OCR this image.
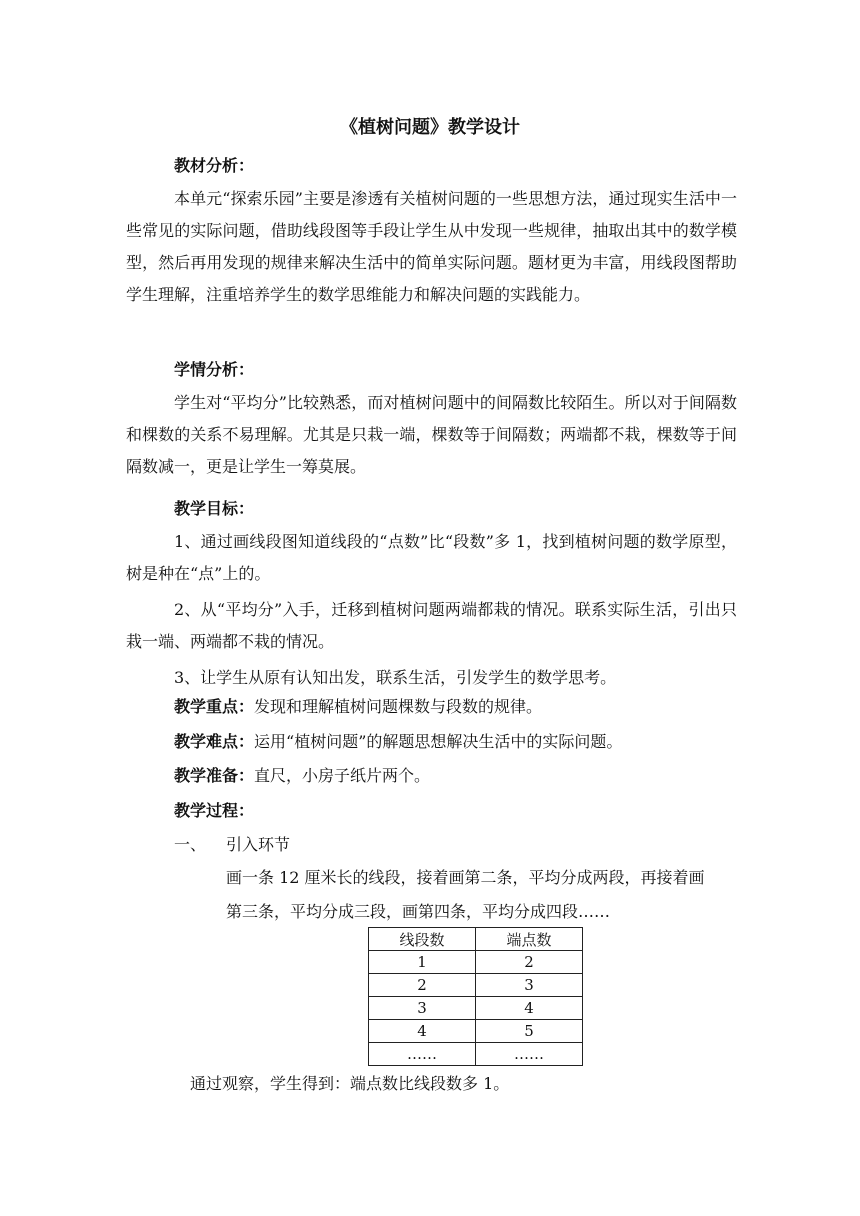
《植树问题》教学设计
教材分析：

本单元“探索乐园”主要是渗透有关植树问题的一些思想方法，通过现实生活中一些常见的实际问题，借助线段图等手段让学生从中发现一些规律，抽取出其中的数学模型，然后再用发现的规律来解决生活中的简单实际问题。题材更为丰富，用线段图帮助学生理解，注重培养学生的数学思维能力和解决问题的实践能力。

学情分析：

学生对“平均分”比较熟悉，而对植树问题中的间隔数比较陌生。所以对于间隔数和棵数的关系不易理解。尤其是只栽一端，棵数等于间隔数；两端都不栽，棵数等于间隔数减一，更是让学生一筹莫展。

教学目标：

1、通过画线段图知道线段的“点数”比“段数”多 1，找到植树问题的数学原型，树是种在“点”上的。

2、从“平均分”入手，迁移到植树问题两端都栽的情况。联系实际生活，引出只栽一端、两端都不栽的情况。

3、让学生从原有认知出发，联系生活，引发学生的数学思考。

教学重点：发现和理解植树问题棵数与段数的规律。
教学难点：运用“植树问题”的解题思想解决生活中的实际问题。
教学准备：直尺，小房子纸片两个。
教学过程：
一、 引入环节
画一条 12 厘米长的线段，接着画第二条，平均分成两段，再接着画
第三条，平均分成三段，画第四条，平均分成四段……
线段数	端点数
1	2
2	3
3	4
4	5
……	……
通过观察，学生得到：端点数比线段数多 1。
